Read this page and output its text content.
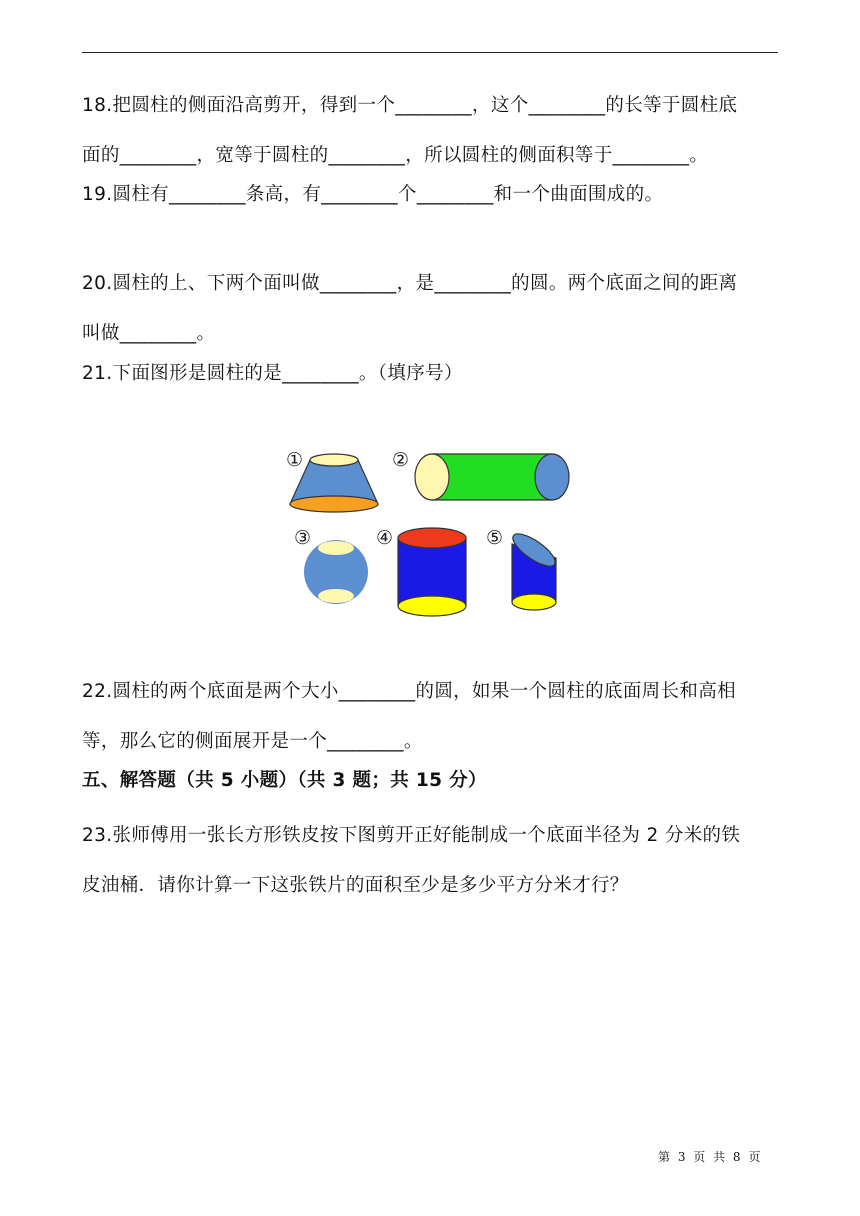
18.把圆柱的侧面沿高剪开，得到一个________，这个________的长等于圆柱底
面的________，宽等于圆柱的________，所以圆柱的侧面积等于________。
19.圆柱有________条高，有________个________和一个曲面围成的。
20.圆柱的上、下两个面叫做________，是________的圆。两个底面之间的距离
叫做________。
21.下面图形是圆柱的是________。（填序号）
①	②
③	④	⑤
22.圆柱的两个底面是两个大小________的圆，如果一个圆柱的底面周长和高相
等，那么它的侧面展开是一个________。
五、解答题（共 5 小题）（共 3 题；共 15 分）
23.张师傅用一张长方形铁皮按下图剪开正好能制成一个底面半径为 2 分米的铁
皮油桶．请你计算一下这张铁片的面积至少是多少平方分米才行？
第 3 页 共 8 页
